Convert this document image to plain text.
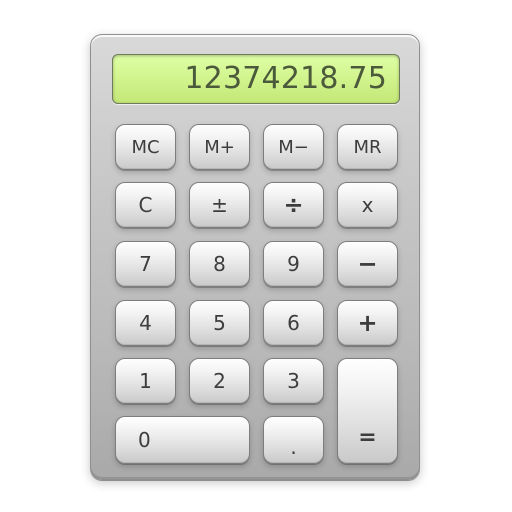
12374218.75
MC	M+	M−	MR
C	±	÷	x
7	8	9	−
4	5	6	+
1	2	3
=
0	.
